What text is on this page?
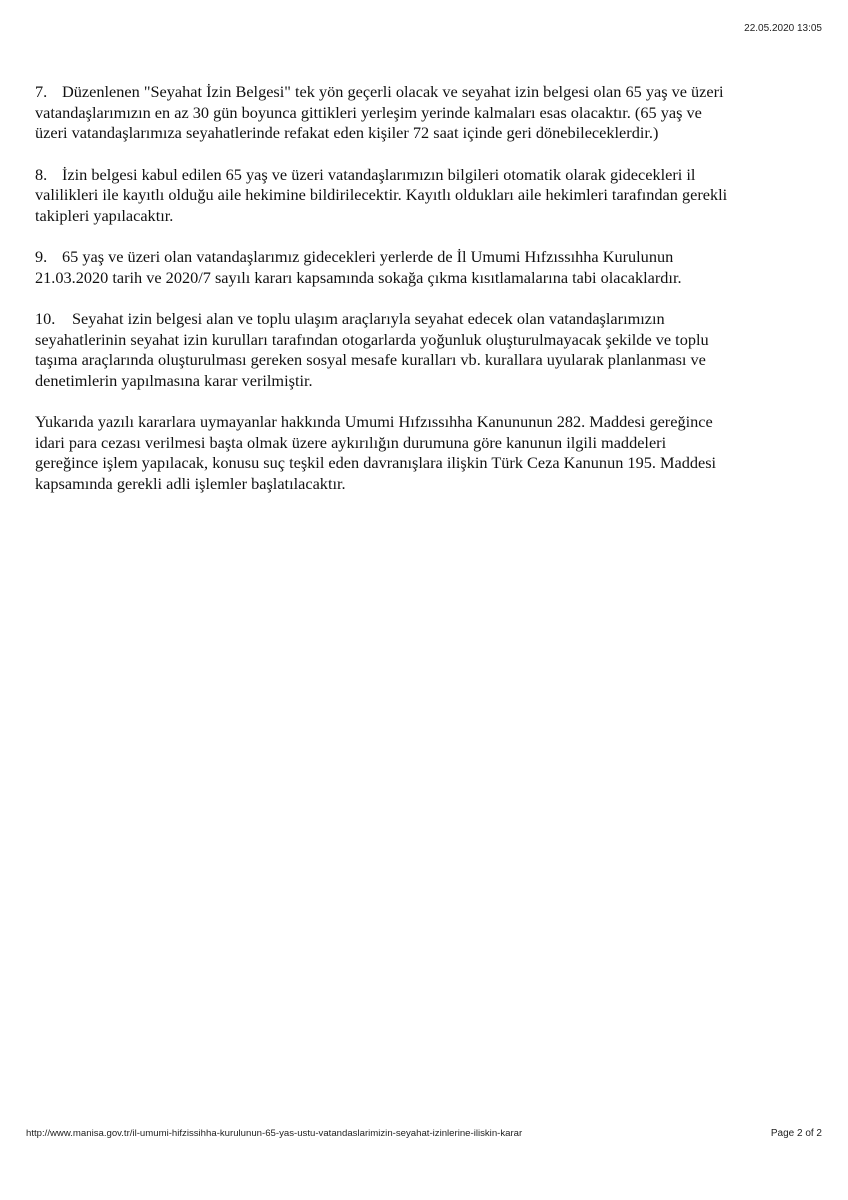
22.05.2020 13:05
7. Düzenlenen "Seyahat İzin Belgesi" tek yön geçerli olacak ve seyahat izin belgesi olan 65 yaş ve üzeri
vatandaşlarımızın en az 30 gün boyunca gittikleri yerleşim yerinde kalmaları esas olacaktır. (65 yaş ve
üzeri vatandaşlarımıza seyahatlerinde refakat eden kişiler 72 saat içinde geri dönebileceklerdir.)
8. İzin belgesi kabul edilen 65 yaş ve üzeri vatandaşlarımızın bilgileri otomatik olarak gidecekleri il
valilikleri ile kayıtlı olduğu aile hekimine bildirilecektir. Kayıtlı oldukları aile hekimleri tarafından gerekli
takipleri yapılacaktır.
9. 65 yaş ve üzeri olan vatandaşlarımız gidecekleri yerlerde de İl Umumi Hıfzıssıhha Kurulunun
21.03.2020 tarih ve 2020/7 sayılı kararı kapsamında sokağa çıkma kısıtlamalarına tabi olacaklardır.
10. Seyahat izin belgesi alan ve toplu ulaşım araçlarıyla seyahat edecek olan vatandaşlarımızın
seyahatlerinin seyahat izin kurulları tarafından otogarlarda yoğunluk oluşturulmayacak şekilde ve toplu
taşıma araçlarında oluşturulması gereken sosyal mesafe kuralları vb. kurallara uyularak planlanması ve
denetimlerin yapılmasına karar verilmiştir.
Yukarıda yazılı kararlara uymayanlar hakkında Umumi Hıfzıssıhha Kanununun 282. Maddesi gereğince
idari para cezası verilmesi başta olmak üzere aykırılığın durumuna göre kanunun ilgili maddeleri
gereğince işlem yapılacak, konusu suç teşkil eden davranışlara ilişkin Türk Ceza Kanunun 195. Maddesi
kapsamında gerekli adli işlemler başlatılacaktır.
http://www.manisa.gov.tr/il-umumi-hifzissihha-kurulunun-65-yas-ustu-vatandaslarimizin-seyahat-izinlerine-iliskin-karar	Page 2 of 2
